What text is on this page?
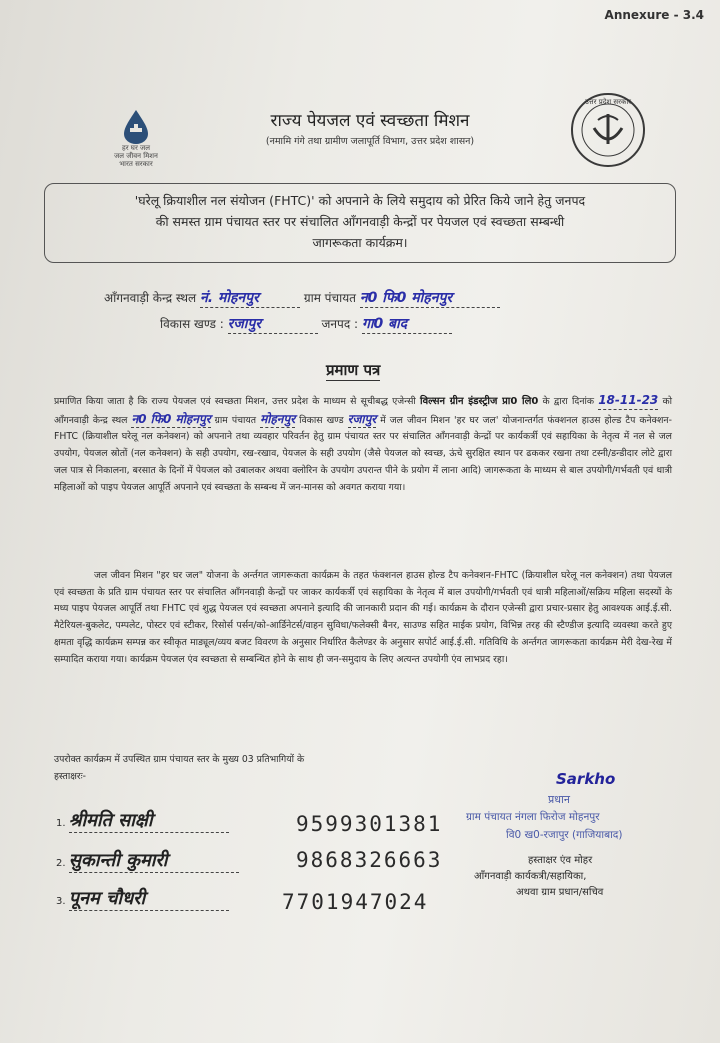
Annexure - 3.4
हर घर जल
जल जीवन मिशन
भारत सरकार
राज्य पेयजल एवं स्वच्छता मिशन
(नमामि गंगे तथा ग्रामीण जलापूर्ति विभाग, उत्तर प्रदेश शासन)
उत्तर प्रदेश सरकार
'घरेलू क्रियाशील नल संयोजन (FHTC)' को अपनाने के लिये समुदाय को प्रेरित किये जाने हेतु जनपद
की समस्त ग्राम पंचायत स्तर पर संचालित आँगनवाड़ी केन्द्रों पर पेयजल एवं स्वच्छता सम्बन्धी
जागरूकता कार्यक्रम।
आँगनवाड़ी केन्द्र स्थल नं. मोहनपुर	ग्राम पंचायत न0 फि0 मोहनपुर
विकास खण्ड : रजापुर	जनपद : गा0 बाद
प्रमाण पत्र

प्रमाणित किया जाता है कि राज्य पेयजल एवं स्वच्छता मिशन, उत्तर प्रदेश के माध्यम से सूचीबद्ध एजेन्सी विल्सन ग्रीन इंडस्ट्रीज प्रा0 लि0 के द्वारा दिनांक 18-11-23 को आँगनवाड़ी केन्द्र स्थल न0 फि0 मोहनपुर ग्राम पंचायत मोहनपुर विकास खण्ड रजापुर में जल जीवन मिशन 'हर घर जल' योजनान्तर्गत फंक्शनल हाउस होल्ड टैप कनेक्शन-FHTC (क्रियाशील घरेलू नल कनेक्शन) को अपनाने तथा व्यवहार परिवर्तन हेतु ग्राम पंचायत स्तर पर संचालित आँगनवाड़ी केन्द्रों पर कार्यकर्त्री एवं सहायिका के नेतृत्व में नल से जल उपयोग, पेयजल स्रोतों (नल कनेक्शन) के सही उपयोग, रख-रखाव, पेयजल के सही उपयोग (जैसे पेयजल को स्वच्छ, ऊंचे सुरक्षित स्थान पर ढककर रखना तथा टस्नी/डन्डीदार लोटे द्वारा जल पात्र से निकालना, बरसात के दिनों में पेयजल को उबालकर अथवा क्लोरिन के उपयोग उपरान्त पीने के प्रयोग में लाना आदि) जागरूकता के माध्यम से बाल उपयोगी/गर्भवती एवं धात्री महिलाओं को पाइप पेयजल आपूर्ति अपनाने एवं स्वच्छता के सम्बन्ध में जन-मानस को अवगत कराया गया।

जल जीवन मिशन "हर घर जल" योजना के अर्न्तगत जागरूकता कार्यक्रम के तहत फंक्शनल हाउस होल्ड टैप कनेक्शन-FHTC (क्रियाशील घरेलू नल कनेक्शन) तथा पेयजल एवं स्वच्छता के प्रति ग्राम पंचायत स्तर पर संचालित आँगनवाड़ी केन्द्रों पर जाकर कार्यकर्त्री एवं सहायिका के नेतृत्व में बाल उपयोगी/गर्भवती एवं धात्री महिलाओं/सक्रिय महिला सदस्यों के मध्य पाइप पेयजल आपूर्ति तथा FHTC एवं शुद्ध पेयजल एवं स्वच्छता अपनाने इत्यादि की जानकारी प्रदान की गई। कार्यक्रम के दौरान एजेन्सी द्वारा प्रचार-प्रसार हेतु आवश्यक आई.ई.सी. मैटेरियल-बुकलेट, पम्पलेट, पोस्टर एवं स्टीकर, रिसोर्स पर्सन/को-आर्डिनेटर्स/वाहन सुविधा/फलेक्सी बैनर, साउण्ड सहित माईक प्रयोग, विभिन्न तरह की स्टैण्डीज इत्यादि व्यवस्था करते हुए क्षमता वृद्धि कार्यक्रम सम्पन्न कर स्वीकृत माड्यूल/व्यय बजट विवरण के अनुसार निर्धारित कैलेण्डर के अनुसार सपोर्ट आई.ई.सी. गतिविधि के अर्न्तगत जागरूकता कार्यक्रम मेरी देख-रेख में सम्पादित कराया गया। कार्यक्रम पेयजल एंव स्वच्छता से सम्बन्धित होने के साथ ही जन-समुदाय के लिए अत्यन्त उपयोगी एंव लाभप्रद रहा।

उपरोक्त कार्यक्रम में उपस्थित ग्राम पंचायत स्तर के मुख्य 03 प्रतिभागियों के

हस्ताक्षरः-

1. श्रीमति साक्षी	9599301381
2. सुकान्ती कुमारी	9868326663
3. पूनम चौधरी	7701947024
Sarkho
प्रधान
ग्राम पंचायत नंगला फिरोज मोहनपुर
वि0 ख0-रजापुर (गाजियाबाद)
हस्ताक्षर एंव मोहर
आँगनवाड़ी कार्यकत्री/सहायिका,
अथवा ग्राम प्रधान/सचिव
